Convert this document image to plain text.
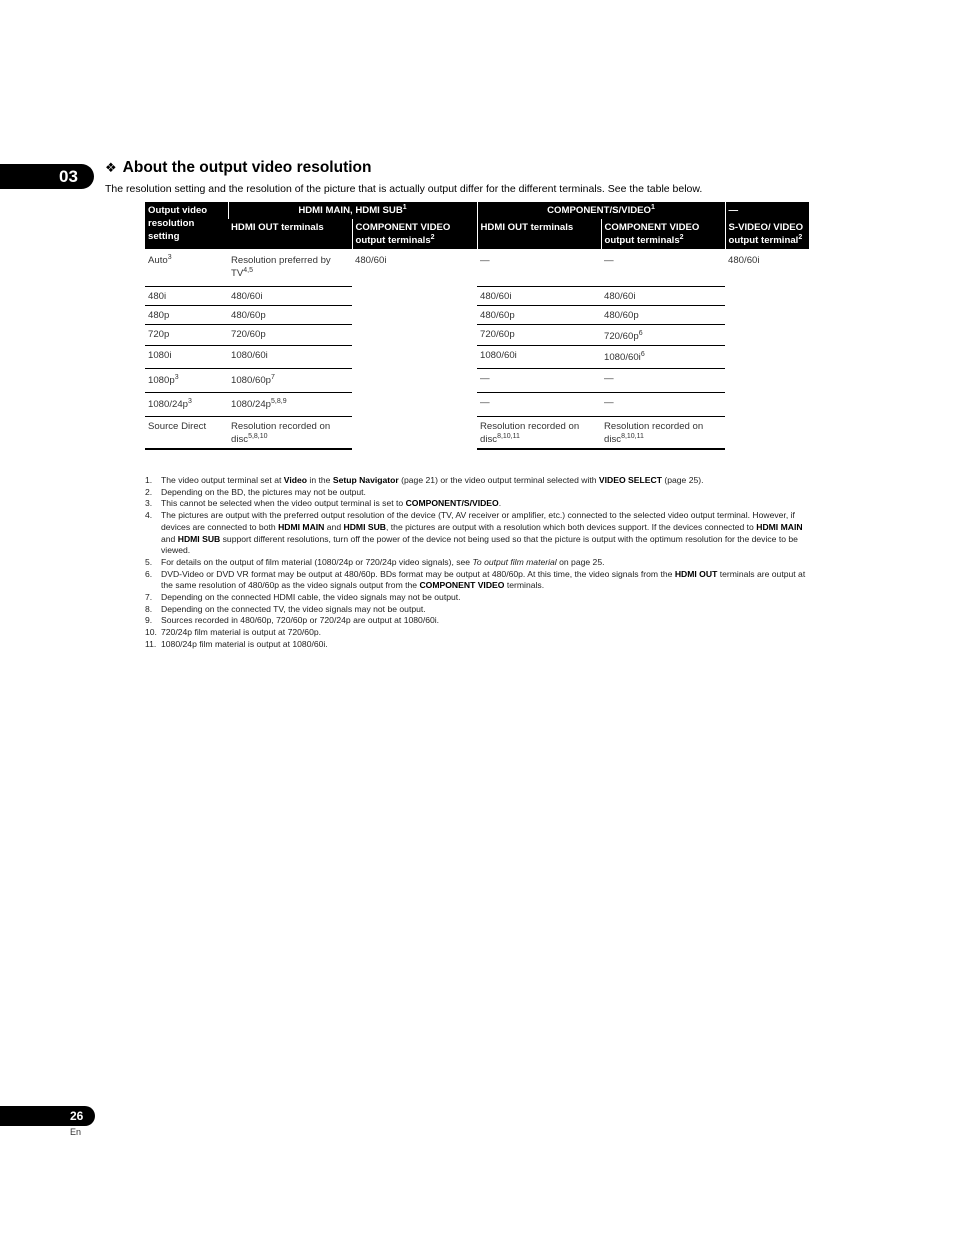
03	❖ About the output video resolution
The resolution setting and the resolution of the picture that is actually output differ for the different terminals. See the table below.
Output video resolution setting	HDMI MAIN, HDMI SUB$^1$		COMPONENT/S/VIDEO$^1$		—
	HDMI OUT terminals	COMPONENT VIDEO output terminals$^2$	HDMI OUT terminals	COMPONENT VIDEO output terminals$^2$	S-VIDEO/ VIDEO output terminal$^2$
Auto$^3$	Resolution preferred by TV$^{4,5}$	480/60i	—	—	480/60i
480i	480/60i		480/60i	480/60i	
480p	480/60p		480/60p	480/60p	
720p	720/60p		720/60p	$720/60p^6$
1080i	1080/60i		1080/60i	$1080/60i^6$
$1080p^3$	$1080/60p^7$		—	—	
$1080/24p^3$	$1080/24p^{5,8,9}$		—	—	
Source Direct	Resolution recorded on disc$^{5,8,10}$		Resolution recorded on disc$^{8,10,11}$	Resolution recorded on disc$^{8,10,11}$
1. The video output terminal set at Video in the Setup Navigator (page 21) or the video output terminal selected with VIDEO SELECT (page 25).
2. Depending on the BD, the pictures may not be output.
3. This cannot be selected when the video output terminal is set to COMPONENT/S/VIDEO.
4. The pictures are output with the preferred output resolution of the device (TV, AV receiver or amplifier, etc.) connected to the selected video output terminal. However, if devices are connected to both HDMI MAIN and HDMI SUB, the pictures are output with a resolution which both devices support. If the devices connected to HDMI MAIN and HDMI SUB support different resolutions, turn off the power of the device not being used so that the picture is output with the optimum resolution for the device to be viewed.
5. For details on the output of film material (1080/24p or 720/24p video signals), see To output film material on page 25.
6. DVD-Video or DVD VR format may be output at 480/60p. BDs format may be output at 480/60p. At this time, the video signals from the HDMI OUT terminals are output at the same resolution of 480/60p as the video signals output from the COMPONENT VIDEO terminals.
7. Depending on the connected HDMI cable, the video signals may not be output.
8. Depending on the connected TV, the video signals may not be output.
9. Sources recorded in 480/60p, 720/60p or 720/24p are output at 1080/60i.
10. 720/24p film material is output at 720/60p.
11. 1080/24p film material is output at 1080/60i.
26
En
